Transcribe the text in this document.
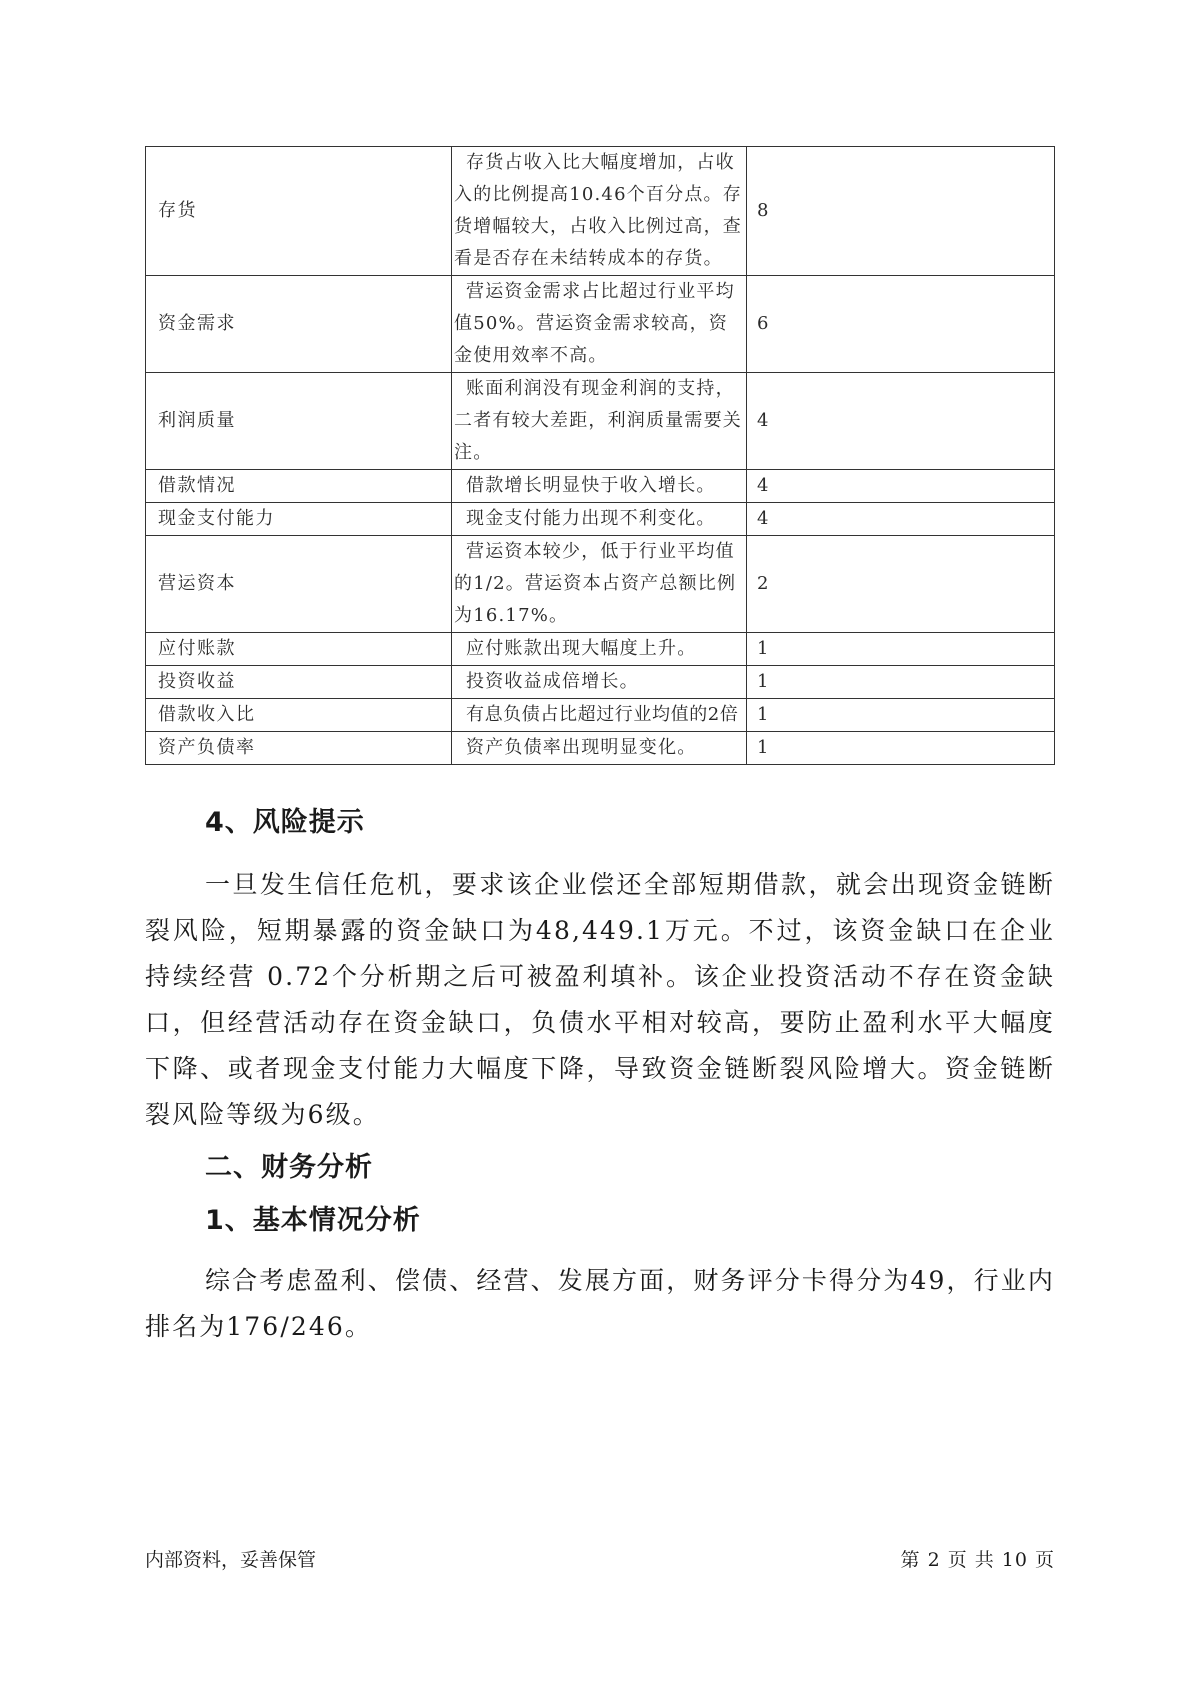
存货	存货占收入比大幅度增加，占收入的比例提高10.46个百分点。存货增幅较大，占收入比例过高，查看是否存在未结转成本的存货。	8
资金需求	营运资金需求占比超过行业平均值50%。营运资金需求较高，资金使用效率不高。	6
利润质量	账面利润没有现金利润的支持，二者有较大差距，利润质量需要关注。	4
借款情况	借款增长明显快于收入增长。	4
现金支付能力	现金支付能力出现不利变化。	4
营运资本	营运资本较少，低于行业平均值的1/2。营运资本占资产总额比例为16.17%。	2
应付账款	应付账款出现大幅度上升。	1
投资收益	投资收益成倍增长。	1
借款收入比	有息负债占比超过行业均值的2倍	1
资产负债率	资产负债率出现明显变化。	1
4、风险提示
一旦发生信任危机，要求该企业偿还全部短期借款，就会出现资金链断裂风险，短期暴露的资金缺口为48,449.1万元。不过，该资金缺口在企业持续经营 0.72个分析期之后可被盈利填补。该企业投资活动不存在资金缺口，但经营活动存在资金缺口，负债水平相对较高，要防止盈利水平大幅度下降、或者现金支付能力大幅度下降，导致资金链断裂风险增大。资金链断裂风险等级为6级。
二、财务分析
1、基本情况分析
综合考虑盈利、偿债、经营、发展方面，财务评分卡得分为49，行业内排名为176/246。
内部资料，妥善保管	第 2 页 共 10 页
